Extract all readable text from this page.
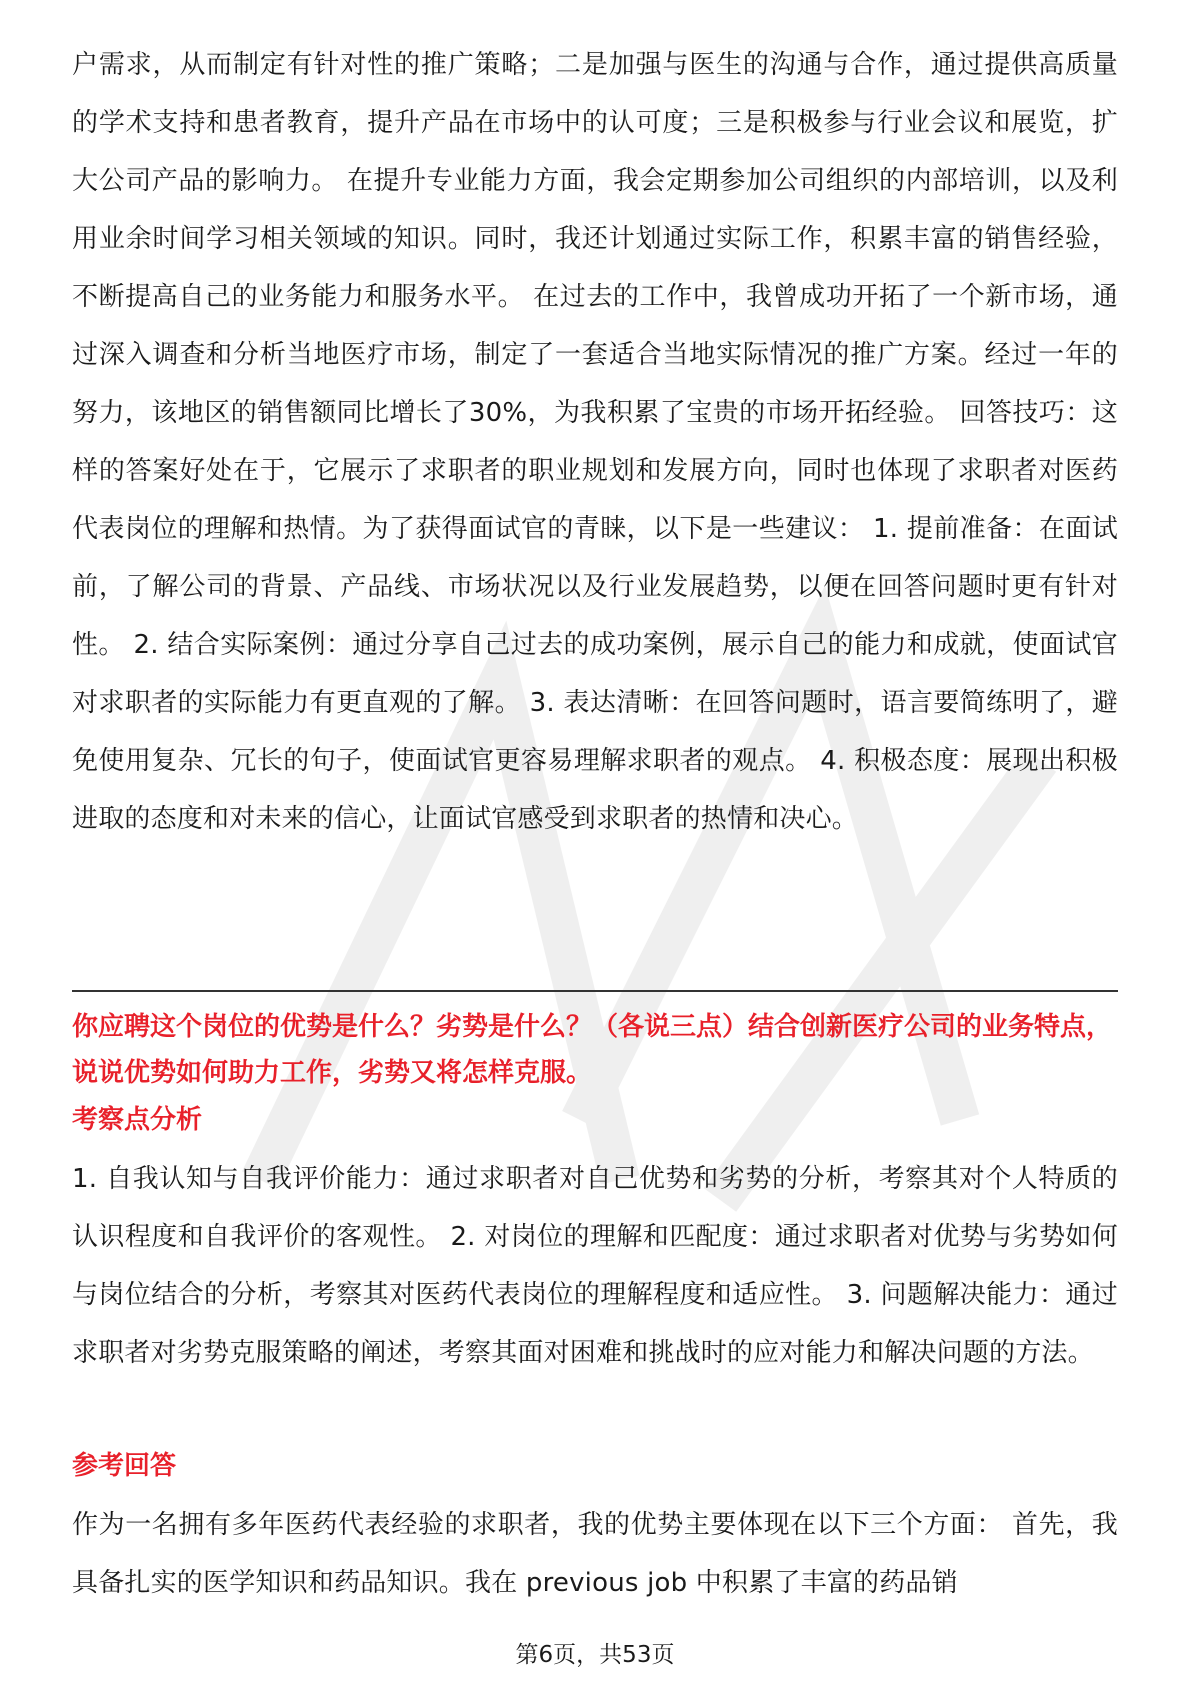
户需求，从而制定有针对性的推广策略；二是加强与医生的沟通与合作，通过提供高质量的学术支持和患者教育，提升产品在市场中的认可度；三是积极参与行业会议和展览，扩大公司产品的影响力。 在提升专业能力方面，我会定期参加公司组织的内部培训，以及利用业余时间学习相关领域的知识。同时，我还计划通过实际工作，积累丰富的销售经验，不断提高自己的业务能力和服务水平。 在过去的工作中，我曾成功开拓了一个新市场，通过深入调查和分析当地医疗市场，制定了一套适合当地实际情况的推广方案。经过一年的努力，该地区的销售额同比增长了30%，为我积累了宝贵的市场开拓经验。 回答技巧：这样的答案好处在于，它展示了求职者的职业规划和发展方向，同时也体现了求职者对医药代表岗位的理解和热情。为了获得面试官的青睐，以下是一些建议： 1. 提前准备：在面试前，了解公司的背景、产品线、市场状况以及行业发展趋势，以便在回答问题时更有针对性。 2. 结合实际案例：通过分享自己过去的成功案例，展示自己的能力和成就，使面试官对求职者的实际能力有更直观的了解。 3. 表达清晰：在回答问题时，语言要简练明了，避免使用复杂、冗长的句子，使面试官更容易理解求职者的观点。 4. 积极态度：展现出积极进取的态度和对未来的信心，让面试官感受到求职者的热情和决心。

你应聘这个岗位的优势是什么？劣势是什么？（各说三点）结合创新医疗公司的业务特点，说说优势如何助力工作，劣势又将怎样克服。

考察点分析

1. 自我认知与自我评价能力：通过求职者对自己优势和劣势的分析，考察其对个人特质的认识程度和自我评价的客观性。 2. 对岗位的理解和匹配度：通过求职者对优势与劣势如何与岗位结合的分析，考察其对医药代表岗位的理解程度和适应性。 3. 问题解决能力：通过求职者对劣势克服策略的阐述，考察其面对困难和挑战时的应对能力和解决问题的方法。

参考回答

作为一名拥有多年医药代表经验的求职者，我的优势主要体现在以下三个方面： 首先，我具备扎实的医学知识和药品知识。我在 previous job 中积累了丰富的药品销

第6页，共53页
